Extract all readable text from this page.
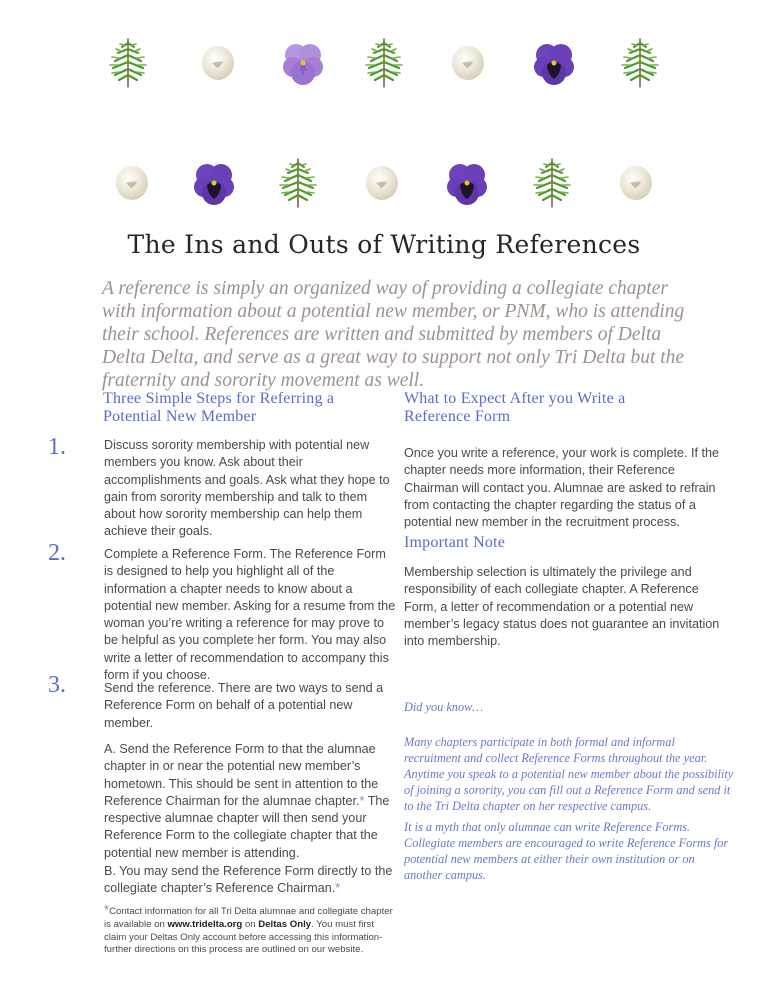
The Ins and Outs of Writing References

A reference is simply an organized way of providing a collegiate chapter with information about a potential new member, or PNM, who is attending their school. References are written and submitted by members of Delta Delta Delta, and serve as a great way to support not only Tri Delta but the fraternity and sorority movement as well.

Three Simple Steps for Referring a Potential New Member
1.	Discuss sorority membership with potential new members you know. Ask about their accomplishments and goals. Ask what they hope to gain from sorority membership and talk to them about how sorority membership can help them achieve their goals.

2.	Complete a Reference Form. The Reference Form is designed to help you highlight all of the information a chapter needs to know about a potential new member. Asking for a resume from the woman you’re writing a reference for may prove to be helpful as you complete her form. You may also write a letter of recommendation to accompany this form if you choose.

3.	Send the reference. There are two ways to send a Reference Form on behalf of a potential new member.

A. Send the Reference Form to that the alumnae chapter in or near the potential new member’s hometown. This should be sent in attention to the Reference Chairman for the alumnae chapter.* The respective alumnae chapter will then send your Reference Form to the collegiate chapter that the potential new member is attending.

B. You may send the Reference Form directly to the collegiate chapter’s Reference Chairman.*

*Contact information for all Tri Delta alumnae and collegiate chapter is available on www.tridelta.org on Deltas Only. You must first claim your Deltas Only account before accessing this information-further directions on this process are outlined on our website.

What to Expect After you Write a Reference Form

Once you write a reference, your work is complete. If the chapter needs more information, their Reference Chairman will contact you. Alumnae are asked to refrain from contacting the chapter regarding the status of a potential new member in the recruitment process.

Important Note

Membership selection is ultimately the privilege and responsibility of each collegiate chapter. A Reference Form, a letter of recommendation or a potential new member’s legacy status does not guarantee an invitation into membership.

Did you know…

Many chapters participate in both formal and informal recruitment and collect Reference Forms throughout the year. Anytime you speak to a potential new member about the possibility of joining a sorority, you can fill out a Reference Form and send it to the Tri Delta chapter on her respective campus.

It is a myth that only alumnae can write Reference Forms. Collegiate members are encouraged to write Reference Forms for potential new members at either their own institution or on another campus.
